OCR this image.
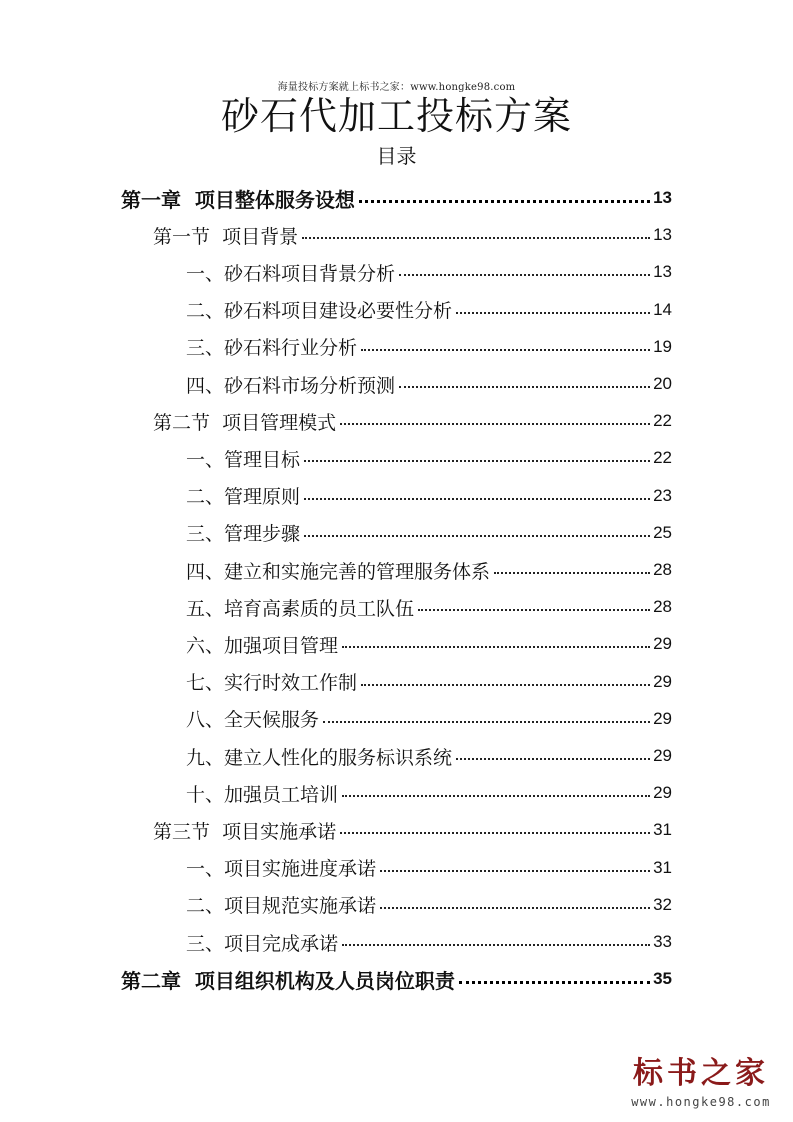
海量投标方案就上标书之家：www.hongke98.com
砂石代加工投标方案
目录
第一章  项目整体服务设想	13
第一节  项目背景	13
一、砂石料项目背景分析	13
二、砂石料项目建设必要性分析	14
三、砂石料行业分析	19
四、砂石料市场分析预测	20
第二节  项目管理模式	22
一、管理目标	22
二、管理原则	23
三、管理步骤	25
四、建立和实施完善的管理服务体系	28
五、培育高素质的员工队伍	28
六、加强项目管理	29
七、实行时效工作制	29
八、全天候服务	29
九、建立人性化的服务标识系统	29
十、加强员工培训	29
第三节  项目实施承诺	31
一、项目实施进度承诺	31
二、项目规范实施承诺	32
三、项目完成承诺	33
第二章  项目组织机构及人员岗位职责	35
标书之家
www.hongke98.com
